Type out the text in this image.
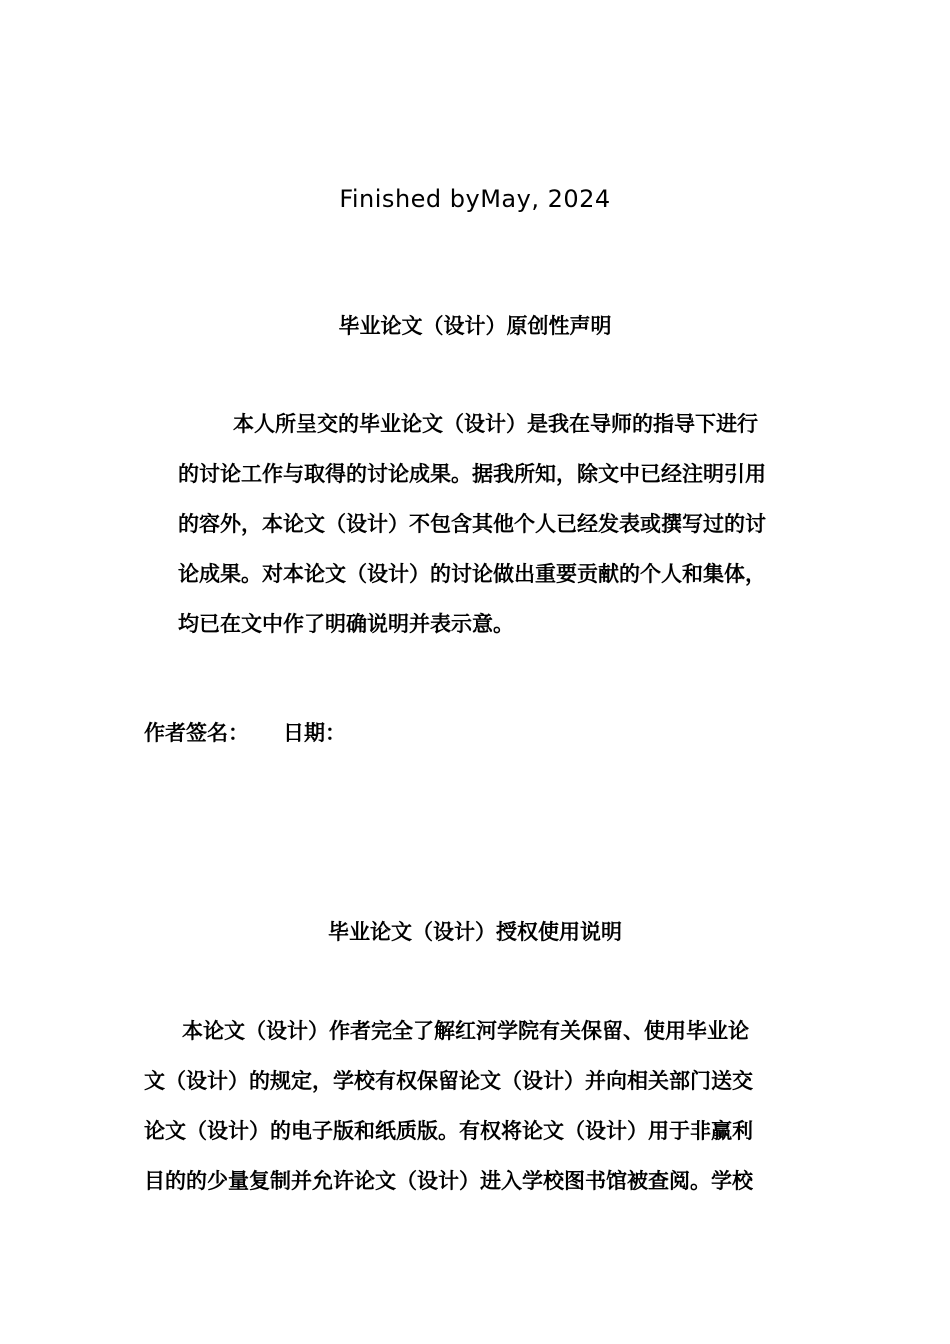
Finished byMay, 2024
毕业论文（设计）原创性声明

本人所呈交的毕业论文（设计）是我在导师的指导下进行
的讨论工作与取得的讨论成果。据我所知，除文中已经注明引用
的容外，本论文（设计）不包含其他个人已经发表或撰写过的讨
论成果。对本论文（设计）的讨论做出重要贡献的个人和集体，
均已在文中作了明确说明并表示意。

作者签名： 日期：
毕业论文（设计）授权使用说明

本论文（设计）作者完全了解红河学院有关保留、使用毕业论
文（设计）的规定，学校有权保留论文（设计）并向相关部门送交
论文（设计）的电子版和纸质版。有权将论文（设计）用于非赢利
目的的少量复制并允许论文（设计）进入学校图书馆被查阅。学校
